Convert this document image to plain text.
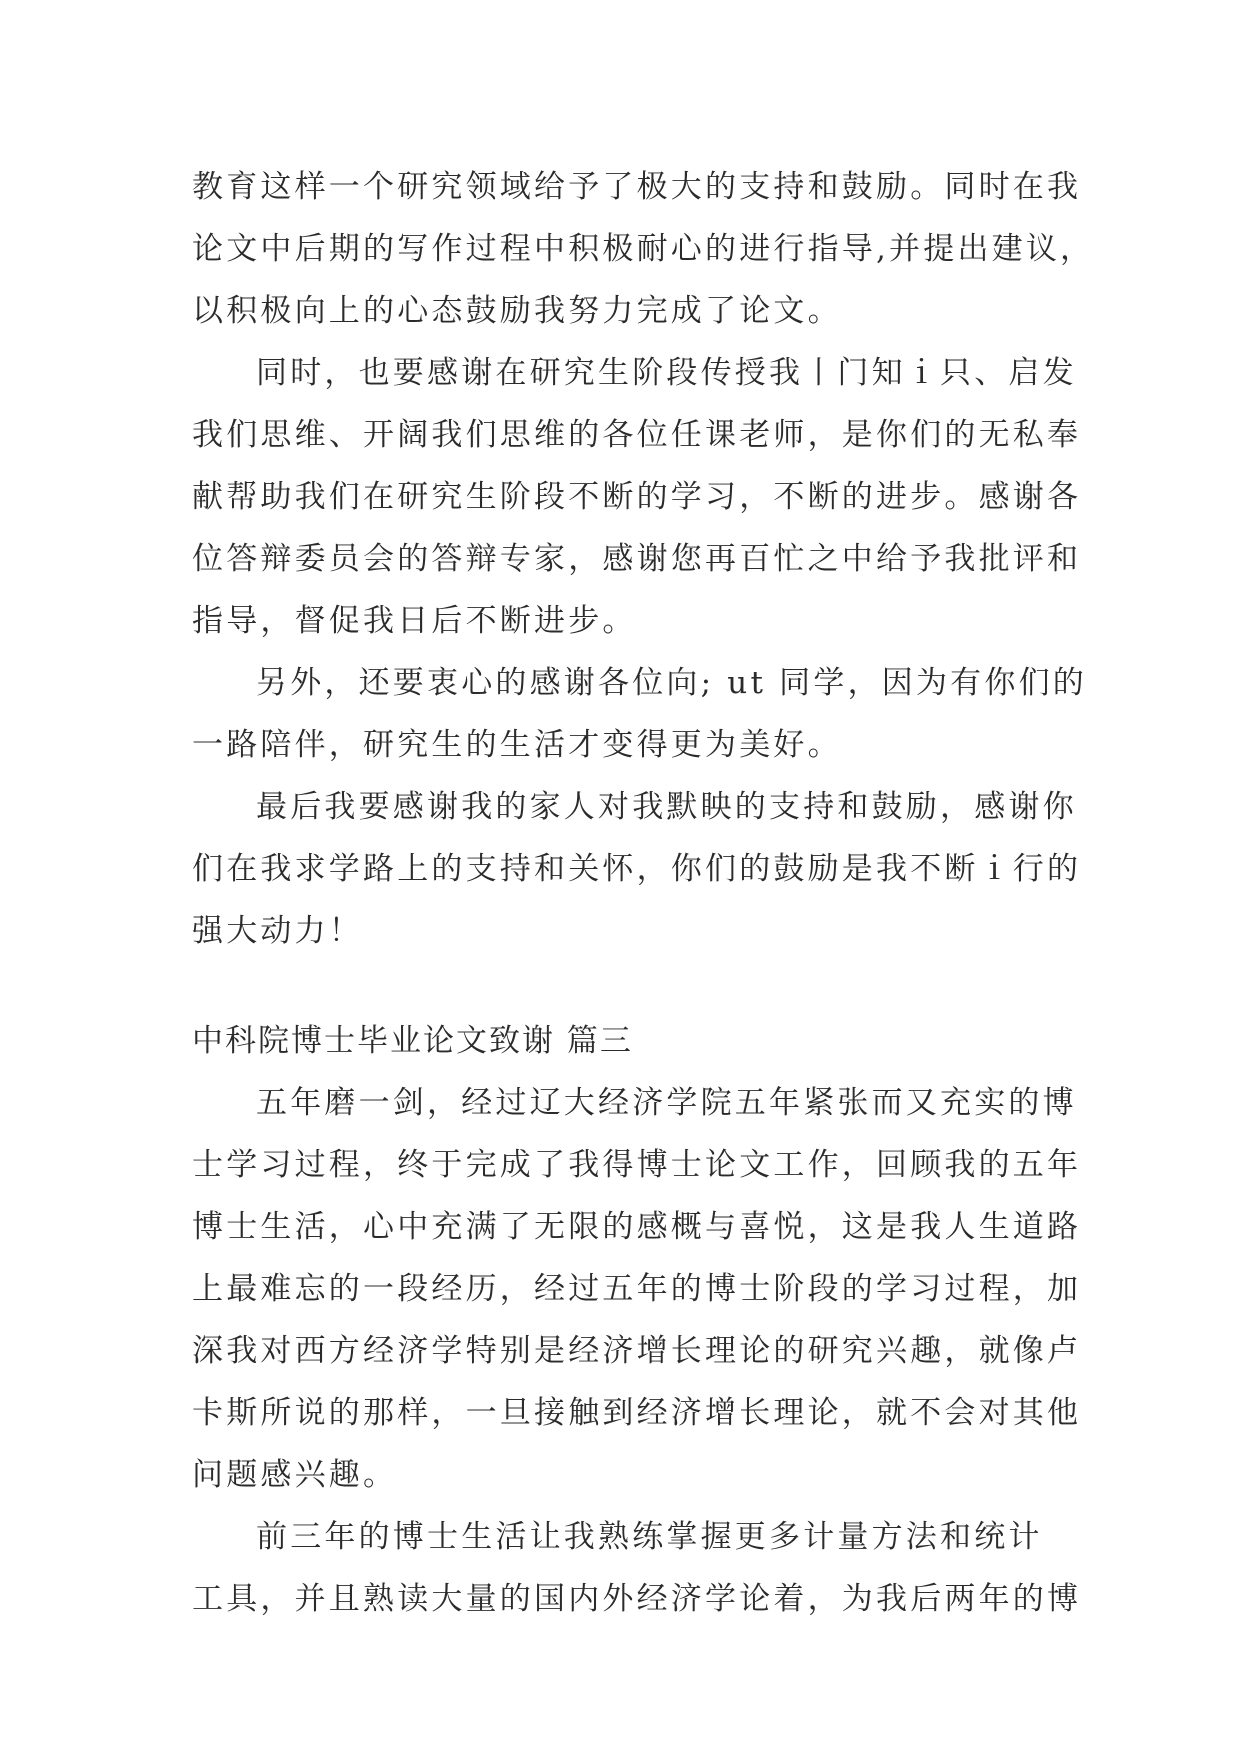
教育这样一个研究领域给予了极大的支持和鼓励。同时在我
论文中后期的写作过程中积极耐心的进行指导,并提出建议，
以积极向上的心态鼓励我努力完成了论文。
同时，也要感谢在研究生阶段传授我丨门知ｉ只、启发
我们思维、开阔我们思维的各位任课老师，是你们的无私奉
献帮助我们在研究生阶段不断的学习，不断的进步。感谢各
位答辩委员会的答辩专家，感谢您再百忙之中给予我批评和
指导，督促我日后不断进步。
另外，还要衷心的感谢各位向; ut 同学，因为有你们的
一路陪伴，研究生的生活才变得更为美好。
最后我要感谢我的家人对我默眏的支持和鼓励，感谢你
们在我求学路上的支持和关怀，你们的鼓励是我不断ｉ行的
强大动力！
中科院博士毕业论文致谢 篇三
五年磨一剑，经过辽大经济学院五年紧张而又充实的博
士学习过程，终于完成了我得博士论文工作，回顾我的五年
博士生活，心中充满了无限的感概与喜悦，这是我人生道路
上最难忘的一段经历，经过五年的博士阶段的学习过程，加
深我对西方经济学特别是经济增长理论的研究兴趣，就像卢
卡斯所说的那样，一旦接触到经济增长理论，就不会对其他
问题感兴趣。
前三年的博士生活让我熟练掌握更多计量方法和统计
工具，并且熟读大量的国内外经济学论着，为我后两年的博
